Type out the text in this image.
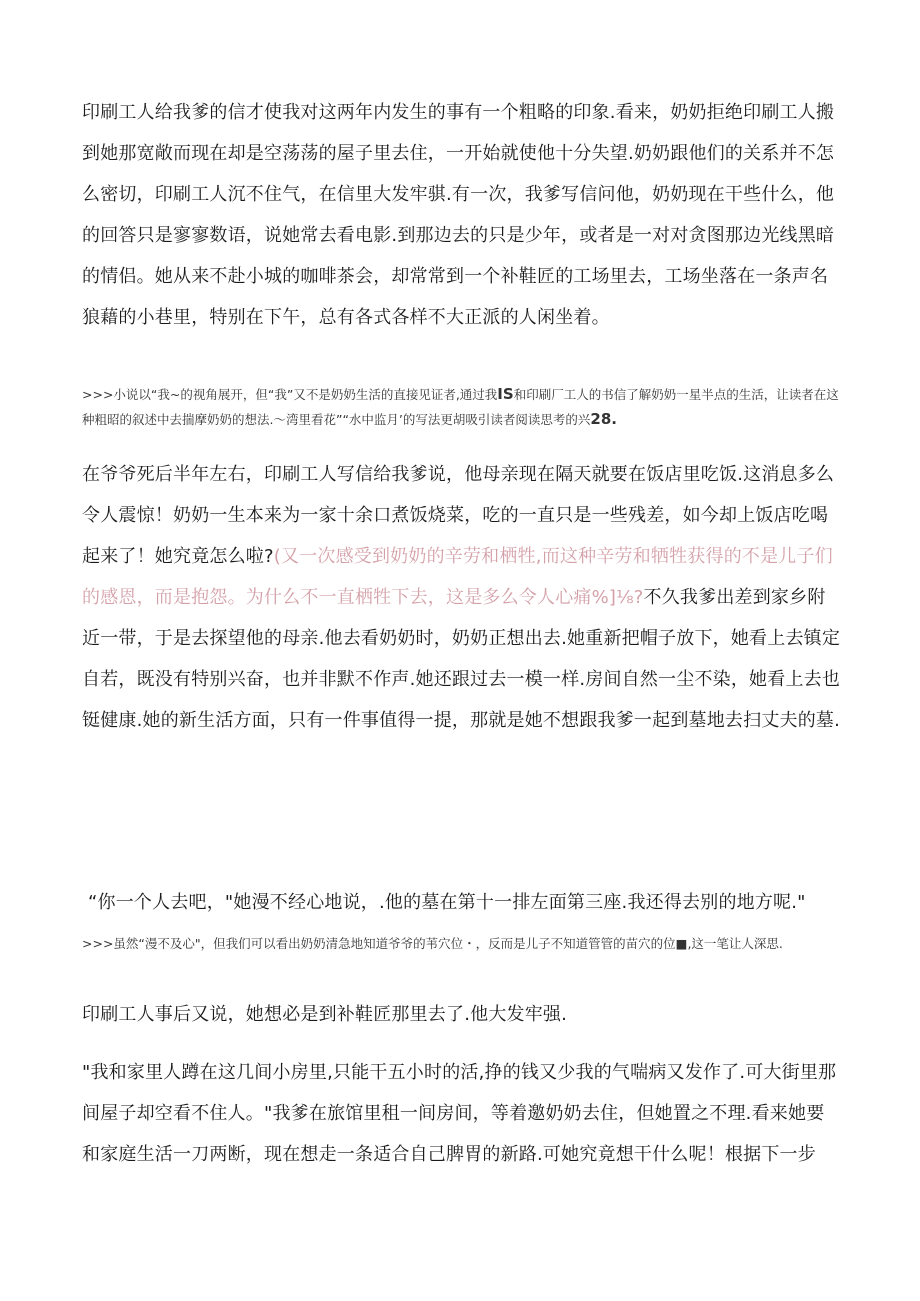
印刷工人给我爹的信才使我对这两年内发生的事有一个粗略的印象.看来，奶奶拒绝印刷工人搬到她那宽敞而现在却是空荡荡的屋子里去住，一开始就使他十分失望.奶奶跟他们的关系并不怎么密切，印刷工人沉不住气，在信里大发牢骐.有一次，我爹写信问他，奶奶现在干些什么，他的回答只是寥寥数语，说她常去看电影.到那边去的只是少年，或者是一对对贪图那边光线黑暗的情侣。她从来不赴小城的咖啡茶会，却常常到一个补鞋匠的工场里去，工场坐落在一条声名狼藉的小巷里，特别在下午，总有各式各样不大正派的人闲坐着。

>>>小说以“我~的视角展开，但“我”又不是奶奶生活的直接见证者,通过我IS和印刷厂工人的书信了解奶奶一星半点的生活，让读者在这种粗昭的叙述中去揣摩奶奶的想法.〜湾里看花”“水中监月’的写法更胡吸引读者阅读思考的兴28.

在爷爷死后半年左右，印刷工人写信给我爹说，他母亲现在隔天就要在饭店里吃饭.这消息多么令人震惊！奶奶一生本来为一家十余口煮饭烧菜，吃的一直只是一些残差，如今却上饭店吃喝起来了！她究竟怎么啦?(又一次感受到奶奶的辛劳和栖牲,而这种辛劳和牺牲获得的不是儿子们的感恩，而是抱怨。为什么不一直栖牲下去，这是多么令人心痛%]⅛?不久我爹出差到家乡附近一带，于是去探望他的母亲.他去看奶奶时，奶奶正想出去.她重新把帽子放下，她看上去镇定自若，既没有特别兴奋，也并非默不作声.她还跟过去一模一样.房间自然一尘不染，她看上去也铤健康.她的新生活方面，只有一件事值得一提，那就是她不想跟我爹一起到墓地去扫丈夫的墓.

“你一个人去吧，"她漫不经心地说，.他的墓在第十一排左面第三座.我还得去别的地方呢."

>>>虽然“漫不及心"，但我们可以看出奶奶清急地知道爷爷的苇穴位・，反而是儿子不知道管管的苗穴的位■,这一笔让人深思.

印刷工人事后又说，她想必是到补鞋匠那里去了.他大发牢强.

"我和家里人蹲在这几间小房里,只能干五小时的活,挣的钱又少我的气喘病又发作了.可大街里那间屋子却空看不住人。"我爹在旅馆里租一间房间，等着邀奶奶去住，但她置之不理.看来她要和家庭生活一刀两断，现在想走一条适合自己脾胃的新路.可她究竟想干什么呢！根据下一步
